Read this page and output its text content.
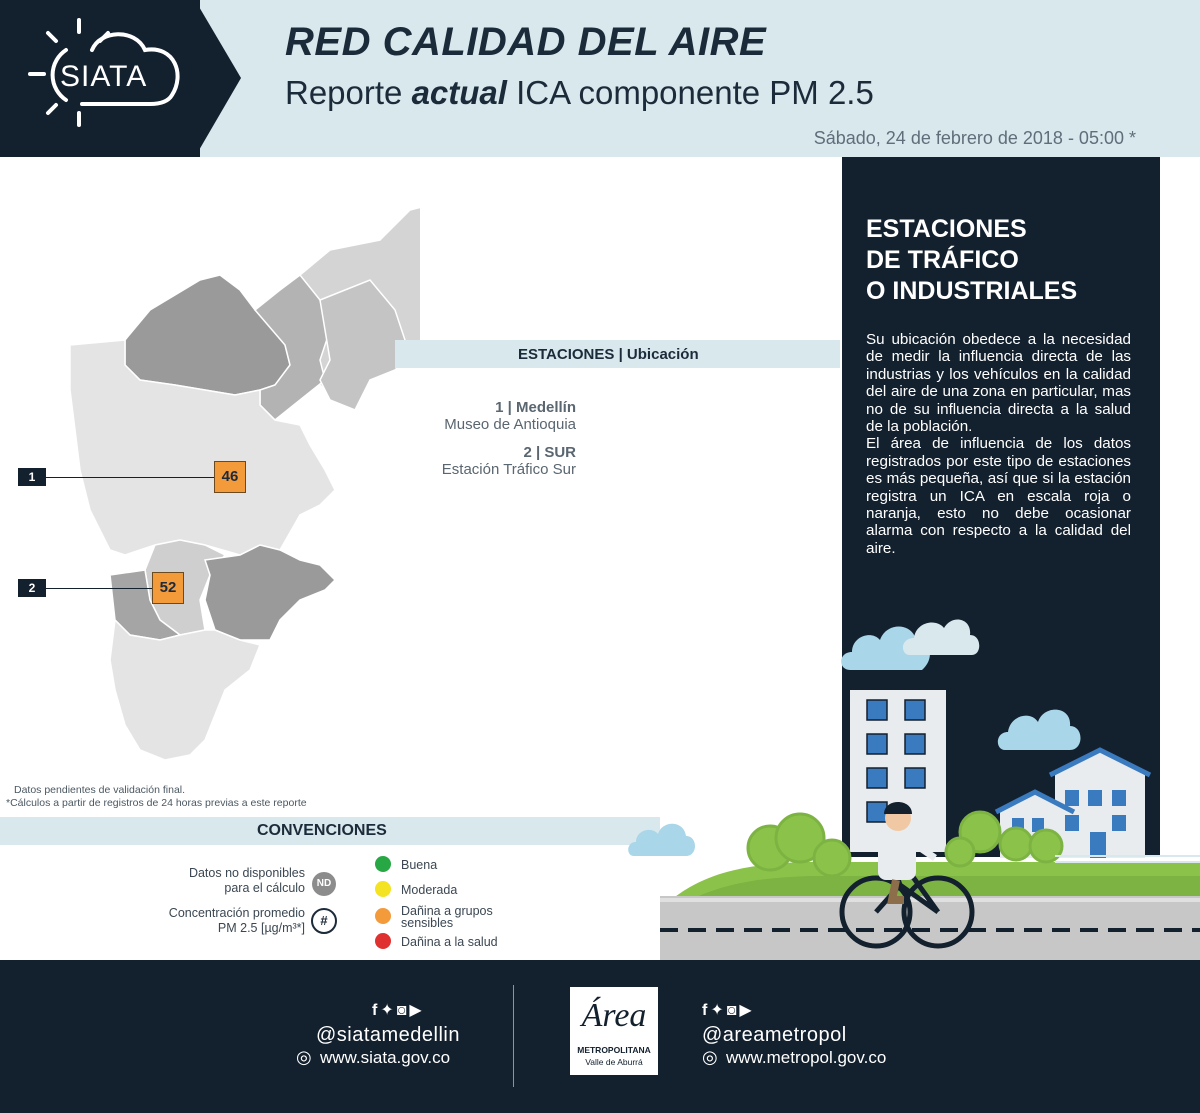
SIATA
RED CALIDAD DEL AIRE
Reporte actual ICA componente PM 2.5
Sábado, 24 de febrero de 2018 - 05:00 *
ESTACIONES | Ubicación
1 | Medellín
Museo de Antioquia
2 | SUR
Estación Tráfico Sur
1	46
2	52
Datos pendientes de validación final.
*Cálculos a partir de registros de 24 horas previas a este reporte
CONVENCIONES
Datos no disponibles
para el cálculo	ND
Concentración promedio
PM 2.5 [µg/m³*]	#
Buena
Moderada
Dañina a grupos
sensibles
Dañina a la salud
ESTACIONES
DE TRÁFICO
O INDUSTRIALES

Su ubicación obedece a la necesidad de medir la influencia directa de las industrias y los vehículos en la calidad del aire de una zona en particular, mas no de su influencia directa a la salud de la población.

El área de influencia de los datos registrados por este tipo de estaciones es más pequeña, así que si la estación registra un ICA en escala roja o naranja, esto no debe ocasionar alarma con respecto a la calidad del aire.

f✦◙▶
@siatamedellin
◎ www.siata.gov.co
Área
METROPOLITANA
Valle de Aburrá
f✦◙▶
@areametropol
◎ www.metropol.gov.co
